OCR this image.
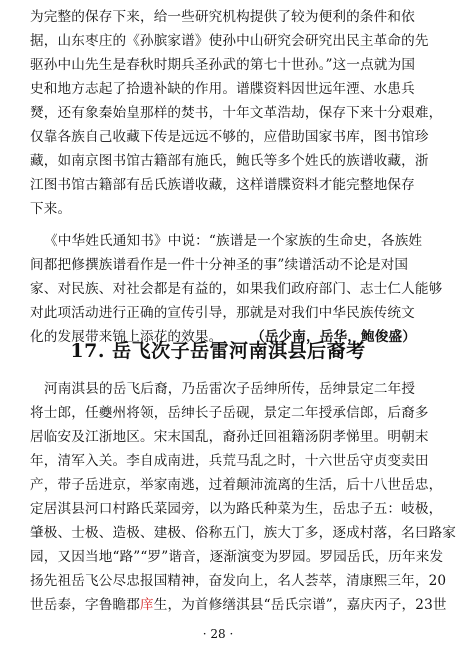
为完整的保存下来，给一些研究机构提供了较为便利的条件和依
据，山东枣庄的《孙膑家谱》使孙中山研究会研究出民主革命的先
驱孙中山先生是春秋时期兵圣孙武的第七十世孙。”这一点就为国
史和地方志起了拾遗补缺的作用。谱牒资料因世远年湮、水患兵
燹，还有象秦始皇那样的焚书，十年文革浩劫，保存下来十分艰难，
仅靠各族自己收藏下传是远远不够的，应借助国家书库，图书馆珍
藏，如南京图书馆古籍部有施氏，鲍氏等多个姓氏的族谱收藏，浙
江图书馆古籍部有岳氏族谱收藏，这样谱牒资料才能完整地保存
下来。
《中华姓氏通知书》中说：“族谱是一个家族的生命史，各族姓
间都把修撰族谱看作是一件十分神圣的事”续谱活动不论是对国
家、对民族、对社会都是有益的，如果我们政府部门、志士仁人能够
对此项活动进行正确的宣传引导，那就是对我们中华民族传统文
化的发展带来锦上添花的效果。	（岳少南，岳华，鲍俊盛）
17. 岳飞次子岳雷河南淇县后裔考
河南淇县的岳飞后裔，乃岳雷次子岳绅所传，岳绅景定二年授
将士郎，任夔州将领，岳绅长子岳砚，景定二年授承信郎，后裔多
居临安及江浙地区。宋末国乱，裔孙迁回祖籍汤阴孝悌里。明朝末
年，清军入关。李自成南进，兵荒马乱之时，十六世岳守贞变卖田
产，带子岳进京，举家南逃，过着颠沛流离的生活，后十八世岳忠，
定居淇县河口村路氏菜园旁，以为路氏种菜为生，岳忠子五：岐极，
肇极、士极、造极、建极、俗称五门，族大丁多，逐成村落，名曰路家
园，又因当地“路”“罗”谐音，逐渐演变为罗园。罗园岳氏，历年来发
扬先祖岳飞公尽忠报国精神，奋发向上，名人荟萃，清康熙三年，20
世岳泰，字鲁瞻郡庠生，为首修缮淇县“岳氏宗谱”，嘉庆丙子，23世
· 28 ·
